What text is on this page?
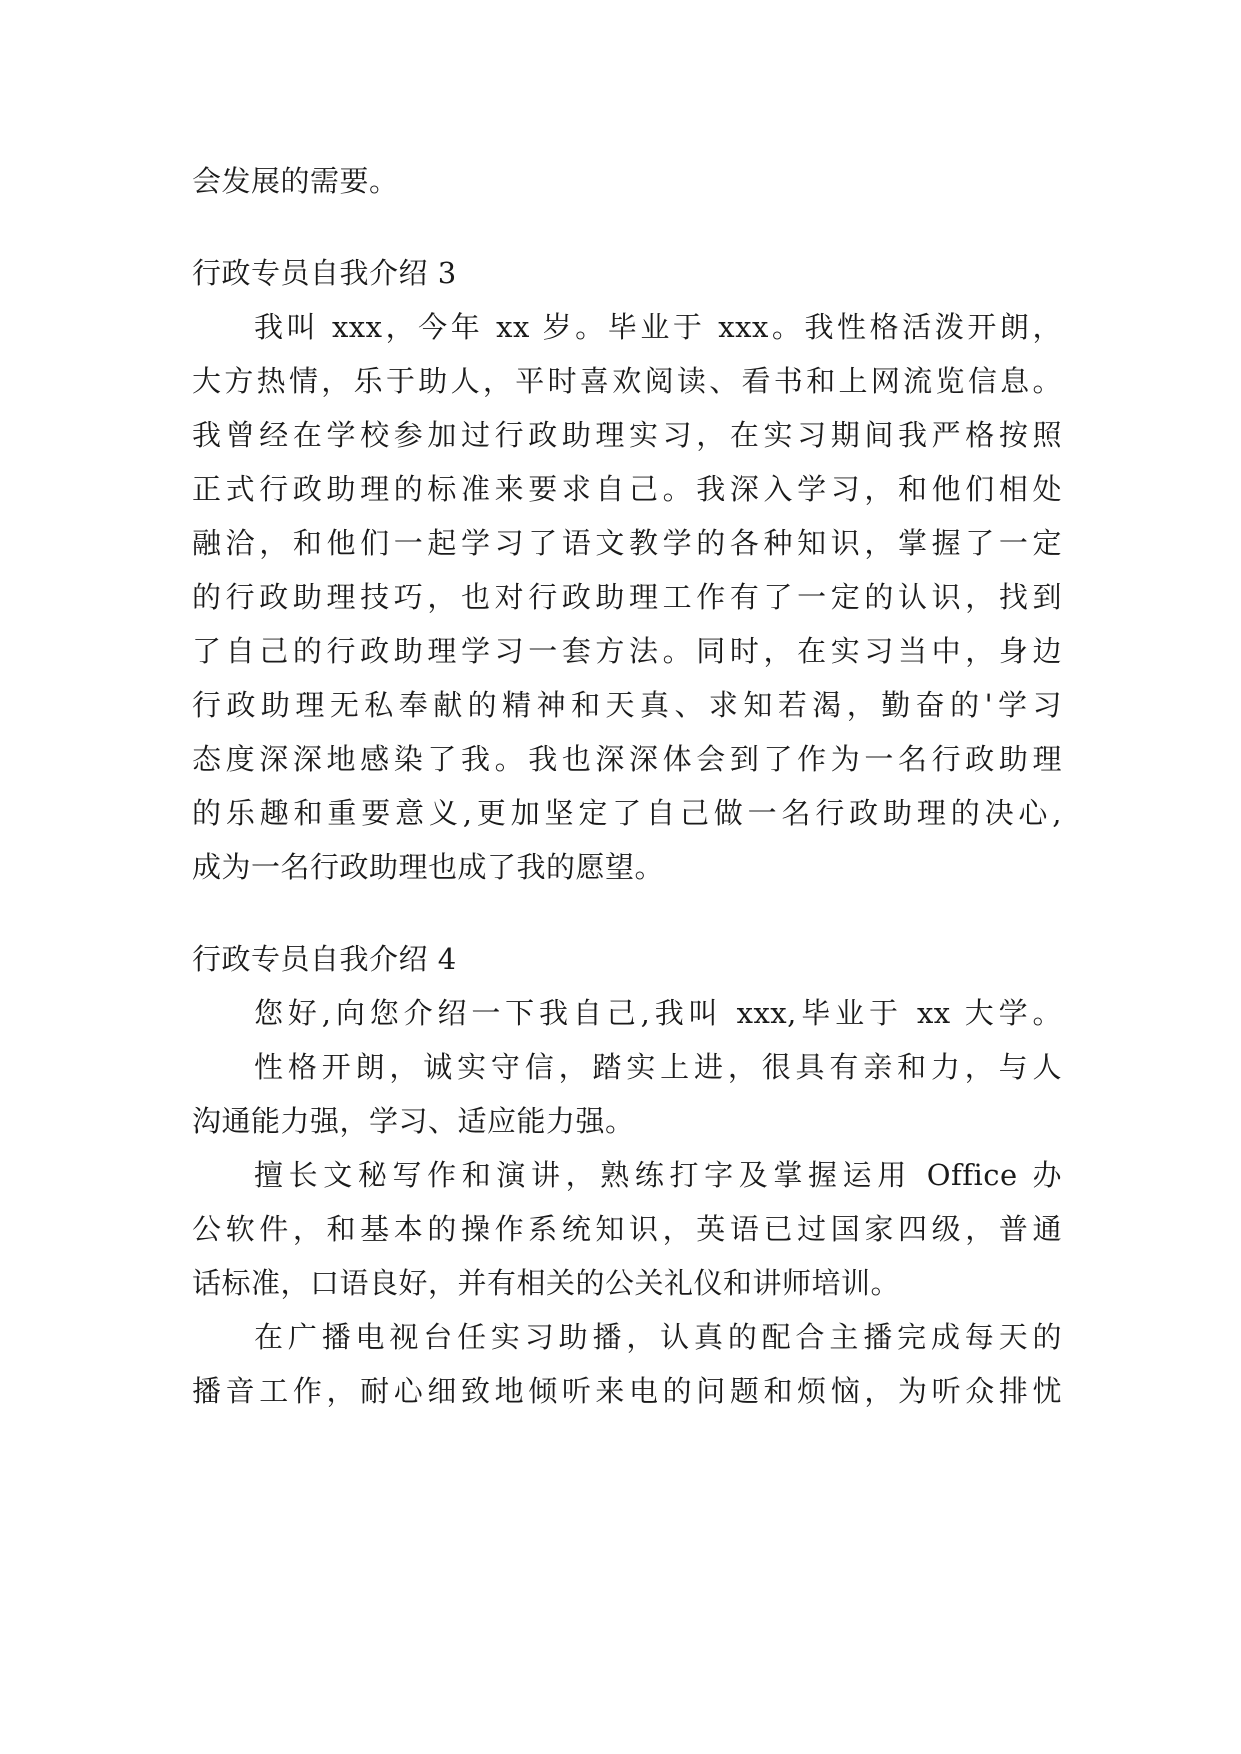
会发展的需要。
行政专员自我介绍 3
我叫 xxx，今年 xx 岁。毕业于 xxx。我性格活泼开朗，
大方热情，乐于助人，平时喜欢阅读、看书和上网流览信息。
我曾经在学校参加过行政助理实习，在实习期间我严格按照
正式行政助理的标准来要求自己。我深入学习，和他们相处
融洽，和他们一起学习了语文教学的各种知识，掌握了一定
的行政助理技巧，也对行政助理工作有了一定的认识，找到
了自己的行政助理学习一套方法。同时，在实习当中，身边
行政助理无私奉献的精神和天真、求知若渴，勤奋的'学习
态度深深地感染了我。我也深深体会到了作为一名行政助理
的乐趣和重要意义,更加坚定了自己做一名行政助理的决心,
成为一名行政助理也成了我的愿望。
行政专员自我介绍 4
您好,向您介绍一下我自己,我叫 xxx,毕业于 xx 大学。
性格开朗，诚实守信，踏实上进，很具有亲和力，与人
沟通能力强，学习、适应能力强。
擅长文秘写作和演讲，熟练打字及掌握运用 Office 办
公软件，和基本的操作系统知识，英语已过国家四级，普通
话标准，口语良好，并有相关的公关礼仪和讲师培训。
在广播电视台任实习助播，认真的配合主播完成每天的
播音工作，耐心细致地倾听来电的问题和烦恼，为听众排忧
